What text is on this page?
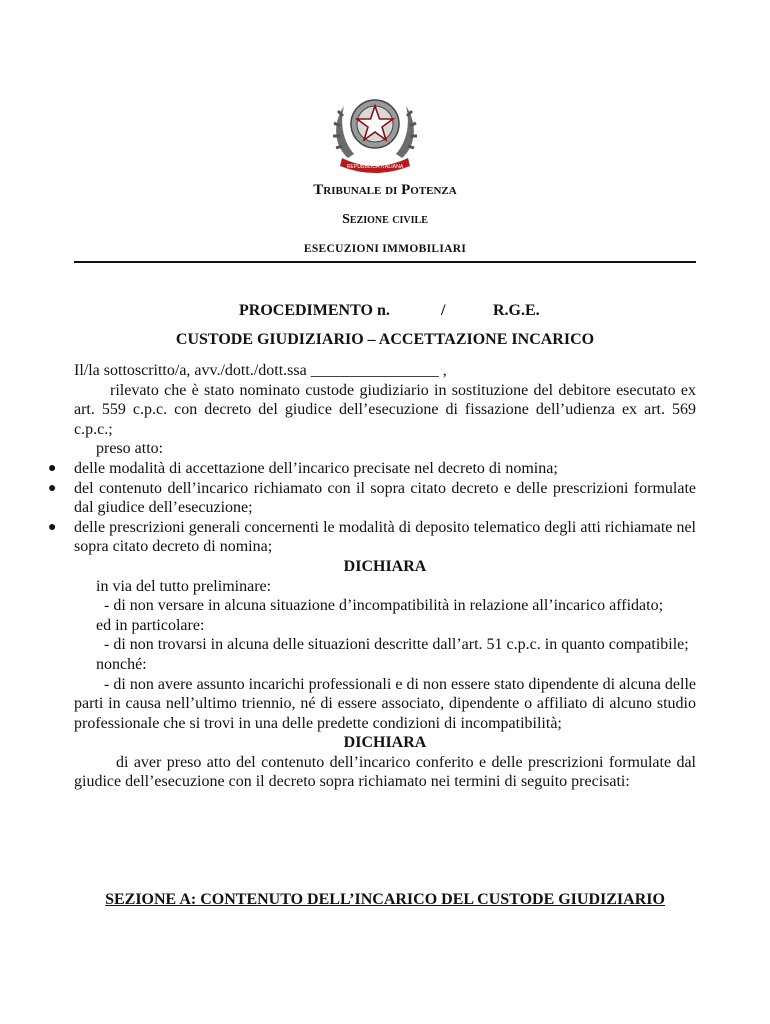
REPUBBLICA ITALIANA
Tribunale di Potenza
Sezione civile
ESECUZIONI IMMOBILIARI
PROCEDIMENTO n.	/	R.G.E.
CUSTODE GIUDIZIARIO – ACCETTAZIONE INCARICO

Il/la sottoscritto/a, avv./dott./dott.ssa ________________ ,

rilevato che è stato nominato custode giudiziario in sostituzione del debitore esecutato ex art. 559 c.p.c. con decreto del giudice dell’esecuzione di fissazione dell’udienza ex art. 569 c.p.c.;

preso atto:

● delle modalità di accettazione dell’incarico precisate nel decreto di nomina;
● del contenuto dell’incarico richiamato con il sopra citato decreto e delle prescrizioni formulate dal giudice dell’esecuzione;
● delle prescrizioni generali concernenti le modalità di deposito telematico degli atti richiamate nel sopra citato decreto di nomina;

DICHIARA

in via del tutto preliminare:

- di non versare in alcuna situazione d’incompatibilità in relazione all’incarico affidato;

ed in particolare:

- di non trovarsi in alcuna delle situazioni descritte dall’art. 51 c.p.c. in quanto compatibile;

nonché:

- di non avere assunto incarichi professionali e di non essere stato dipendente di alcuna delle parti in causa nell’ultimo triennio, né di essere associato, dipendente o affiliato di alcuno studio professionale che si trovi in una delle predette condizioni di incompatibilità;

DICHIARA

di aver preso atto del contenuto dell’incarico conferito e delle prescrizioni formulate dal giudice dell’esecuzione con il decreto sopra richiamato nei termini di seguito precisati:

SEZIONE A: CONTENUTO DELL’INCARICO DEL CUSTODE GIUDIZIARIO
